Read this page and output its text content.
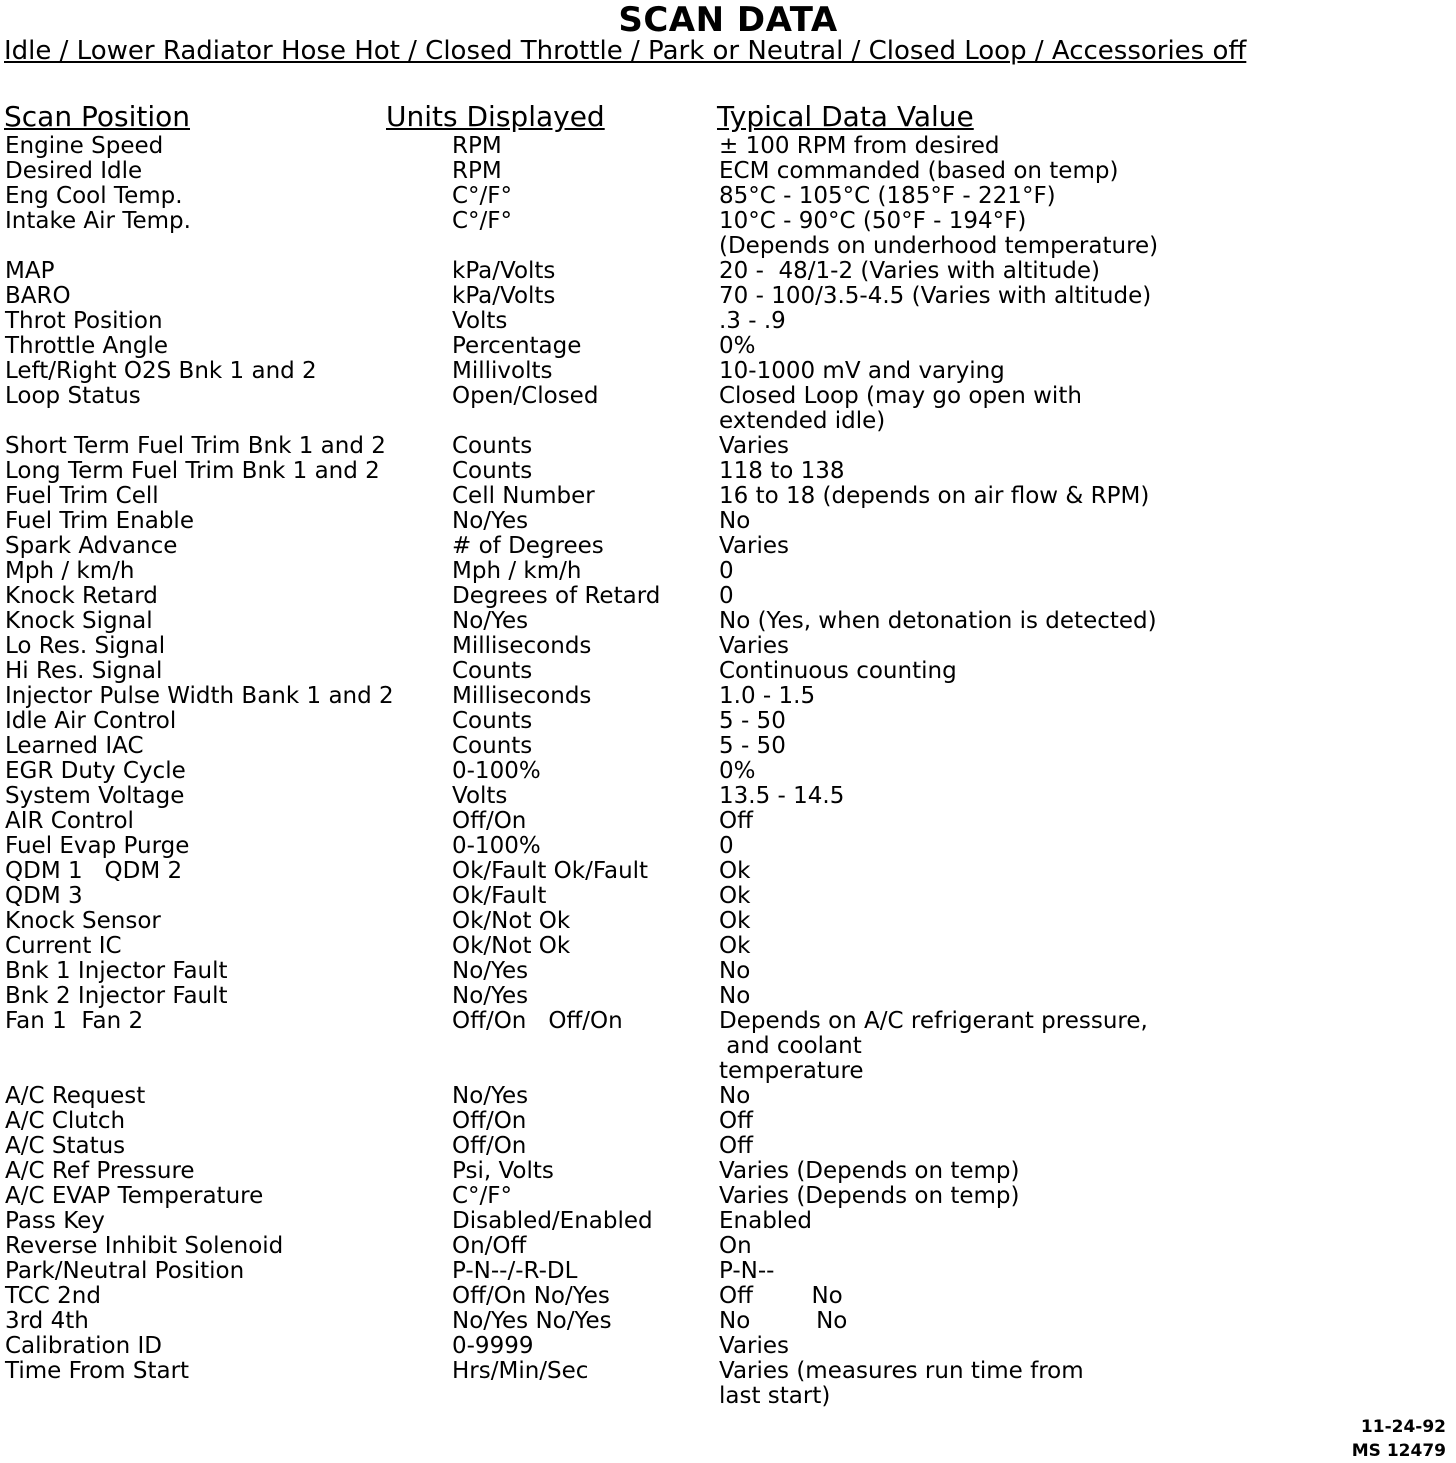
SCAN DATA
Idle / Lower Radiator Hose Hot / Closed Throttle / Park or Neutral / Closed Loop / Accessories off
Scan Position	Units Displayed	Typical Data Value
Engine Speed	RPM	± 100 RPM from desired
Desired Idle	RPM	ECM commanded (based on temp)
Eng Cool Temp.	C°/F°	85°C - 105°C (185°F - 221°F)
Intake Air Temp.	C°/F°	10°C - 90°C (50°F - 194°F)
(Depends on underhood temperature)
MAP	kPa/Volts	20 -  48/1-2 (Varies with altitude)
BARO	kPa/Volts	70 - 100/3.5-4.5 (Varies with altitude)
Throt Position	Volts	.3 - .9
Throttle Angle	Percentage	0%
Left/Right O2S Bnk 1 and 2	Millivolts	10-1000 mV and varying
Loop Status	Open/Closed	Closed Loop (may go open with
extended idle)
Short Term Fuel Trim Bnk 1 and 2	Counts	Varies
Long Term Fuel Trim Bnk 1 and 2	Counts	118 to 138
Fuel Trim Cell	Cell Number	16 to 18 (depends on air flow & RPM)
Fuel Trim Enable	No/Yes	No
Spark Advance	# of Degrees	Varies
Mph / km/h	Mph / km/h	0
Knock Retard	Degrees of Retard	0
Knock Signal	No/Yes	No (Yes, when detonation is detected)
Lo Res. Signal	Milliseconds	Varies
Hi Res. Signal	Counts	Continuous counting
Injector Pulse Width Bank 1 and 2	Milliseconds	1.0 - 1.5
Idle Air Control	Counts	5 - 50
Learned IAC	Counts	5 - 50
EGR Duty Cycle	0-100%	0%
System Voltage	Volts	13.5 - 14.5
AIR Control	Off/On	Off
Fuel Evap Purge	0-100%	0
QDM 1   QDM 2	Ok/Fault Ok/Fault	Ok
QDM 3	Ok/Fault	Ok
Knock Sensor	Ok/Not Ok	Ok
Current IC	Ok/Not Ok	Ok
Bnk 1 Injector Fault	No/Yes	No
Bnk 2 Injector Fault	No/Yes	No
Fan 1  Fan 2	Off/On   Off/On	Depends on A/C refrigerant pressure,
and coolant
temperature
A/C Request	No/Yes	No
A/C Clutch	Off/On	Off
A/C Status	Off/On	Off
A/C Ref Pressure	Psi, Volts	Varies (Depends on temp)
A/C EVAP Temperature	C°/F°	Varies (Depends on temp)
Pass Key	Disabled/Enabled	Enabled
Reverse Inhibit Solenoid	On/Off	On
Park/Neutral Position	P-N--/-R-DL	P-N--
TCC 2nd	Off/On No/Yes	Off        No
3rd 4th	No/Yes No/Yes	No         No
Calibration ID	0-9999	Varies
Time From Start	Hrs/Min/Sec	Varies (measures run time from
last start)
11-24-92
MS 12479
